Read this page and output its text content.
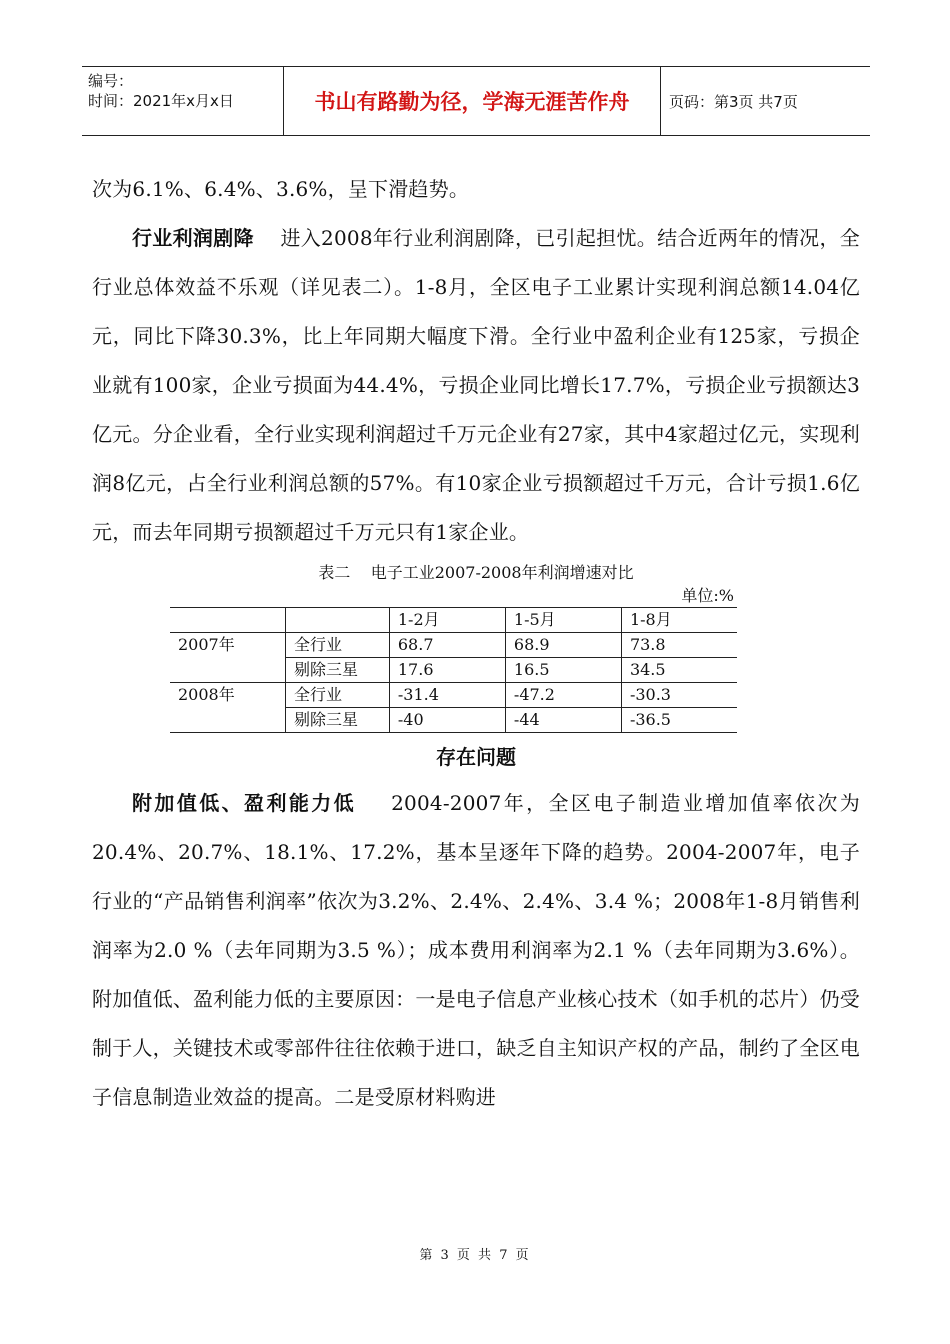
编号：
时间：2021年x月x日	书山有路勤为径，学海无涯苦作舟	页码：第3页 共7页

次为6.1%、6.4%、3.6%，呈下滑趋势。

行业利润剧降    进入2008年行业利润剧降，已引起担忧。结合近两年的情况，全行业总体效益不乐观（详见表二）。1-8月，全区电子工业累计实现利润总额14.04亿元，同比下降30.3%，比上年同期大幅度下滑。全行业中盈利企业有125家，亏损企业就有100家，企业亏损面为44.4%，亏损企业同比增长17.7%，亏损企业亏损额达3亿元。分企业看，全行业实现利润超过千万元企业有27家，其中4家超过亿元，实现利润8亿元，占全行业利润总额的57%。有10家企业亏损额超过千万元，合计亏损1.6亿元，而去年同期亏损额超过千万元只有1家企业。

表二    电子工业2007-2008年利润增速对比
单位:%
		1-2月	1-5月	1-8月
2007年	全行业	68.7	68.9	73.8
	剔除三星	17.6	16.5	34.5
2008年	全行业	-31.4	-47.2	-30.3
	剔除三星	-40	-44	-36.5
存在问题

附加值低、盈利能力低    2004-2007年，全区电子制造业增加值率依次为20.4%、20.7%、18.1%、17.2%，基本呈逐年下降的趋势。2004-2007年，电子行业的“产品销售利润率”依次为3.2%、2.4%、2.4%、3.4 %；2008年1-8月销售利润率为2.0 %（去年同期为3.5 %）；成本费用利润率为2.1 %（去年同期为3.6%）。附加值低、盈利能力低的主要原因：一是电子信息产业核心技术（如手机的芯片）仍受制于人，关键技术或零部件往往依赖于进口，缺乏自主知识产权的产品，制约了全区电子信息制造业效益的提高。二是受原材料购进

第 3 页 共 7 页
